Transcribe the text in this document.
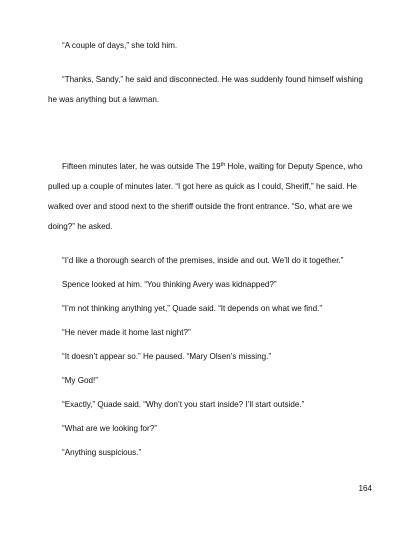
“A couple of days,” she told him.

“Thanks, Sandy,” he said and disconnected. He was suddenly found himself wishing
he was anything but a lawman.

Fifteen minutes later, he was outside The 19th Hole, waiting for Deputy Spence, who
pulled up a couple of minutes later. “I got here as quick as I could, Sheriff,” he said. He
walked over and stood next to the sheriff outside the front entrance. “So, what are we
doing?” he asked.

“I’d like a thorough search of the premises, inside and out. We’ll do it together.”

Spence looked at him. “You thinking Avery was kidnapped?”

“I’m not thinking anything yet,” Quade said. “It depends on what we find.”

“He never made it home last night?”

“It doesn’t appear so.” He paused. “Mary Olsen’s missing.”

“My God!”

“Exactly,” Quade said. “Why don’t you start inside? I’ll start outside.”

“What are we looking for?”

“Anything suspicious.”

164
